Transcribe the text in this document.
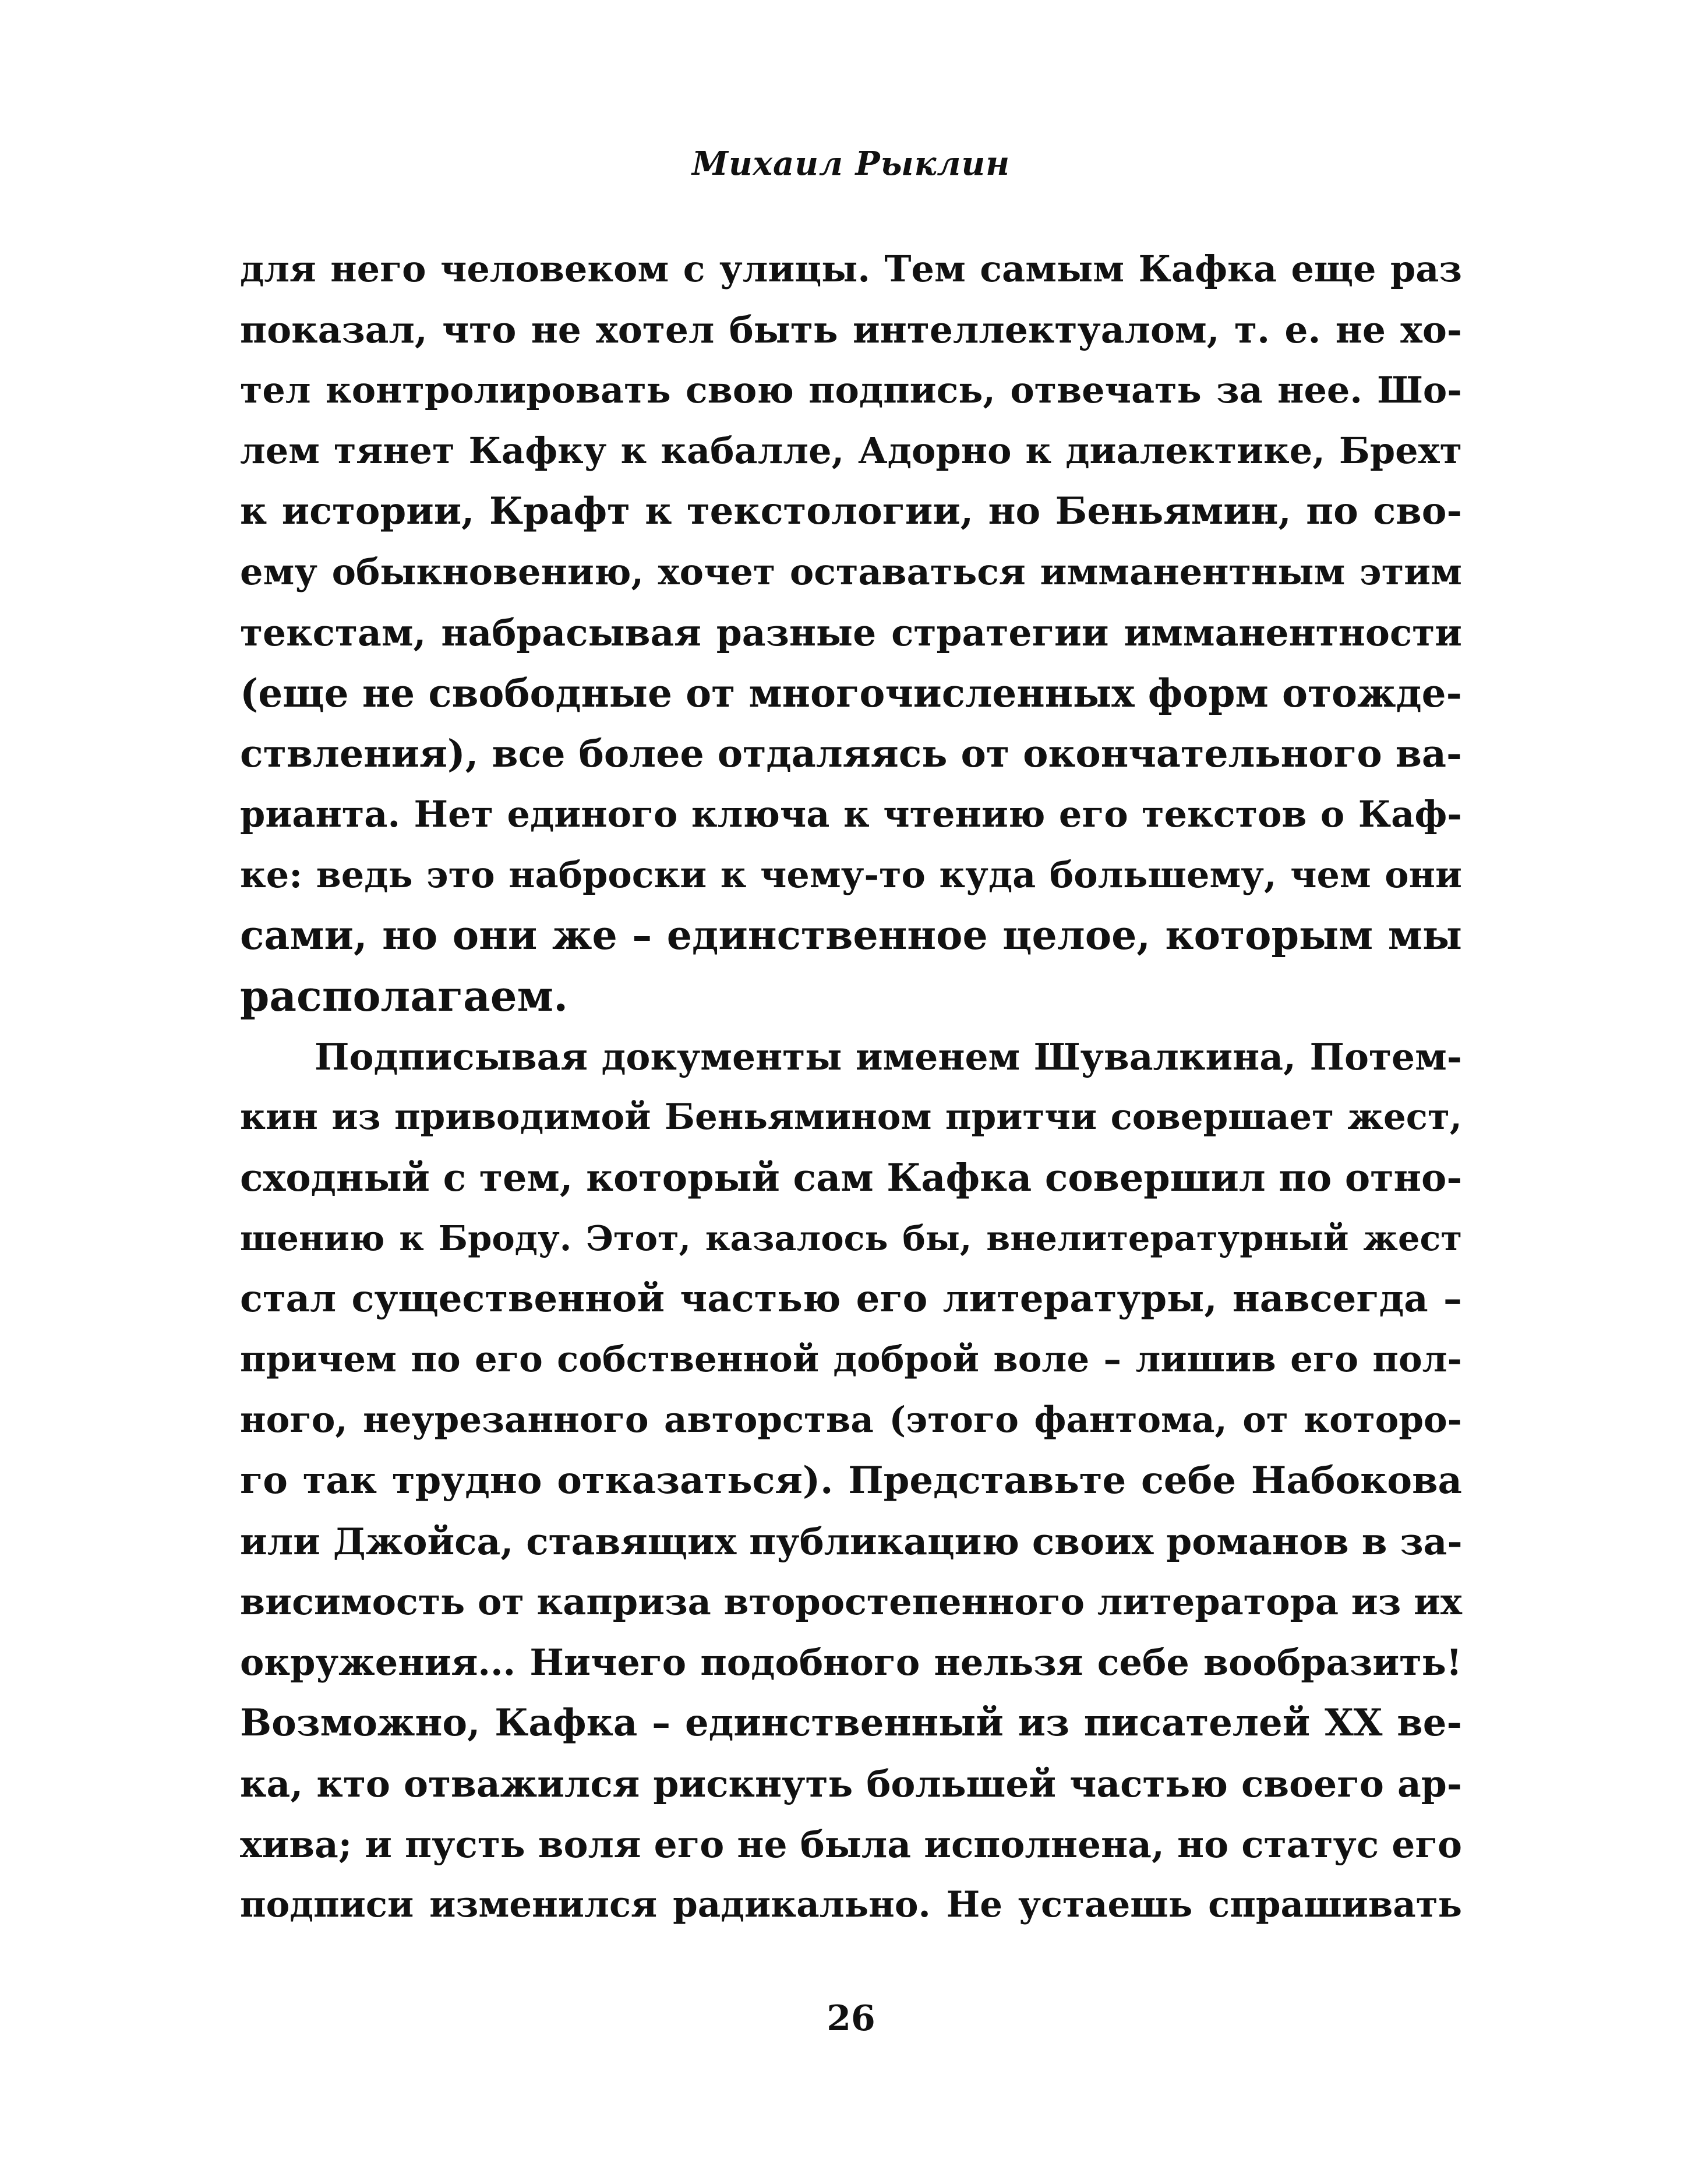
Михаил Рыклин
для него человеком с улицы. Тем самым Кафка еще раз
показал, что не хотел быть интеллектуалом, т. е. не хо-
тел контролировать свою подпись, отвечать за нее. Шо-
лем тянет Кафку к кабалле, Адорно к диалектике, Брехт
к истории, Крафт к текстологии, но Беньямин, по сво-
ему обыкновению, хочет оставаться имманентным этим
текстам, набрасывая разные стратегии имманентности
(еще не свободные от многочисленных форм отожде-
ствления), все более отдаляясь от окончательного ва-
рианта. Нет единого ключа к чтению его текстов о Каф-
ке: ведь это наброски к чему-то куда большему, чем они
сами, но они же – единственное целое, которым мы
располагаем.
Подписывая документы именем Шувалкина, Потем-
кин из приводимой Беньямином притчи совершает жест,
сходный с тем, который сам Кафка совершил по отно-
шению к Броду. Этот, казалось бы, внелитературный жест
стал существенной частью его литературы, навсегда –
причем по его собственной доброй воле – лишив его пол-
ного, неурезанного авторства (этого фантома, от которо-
го так трудно отказаться). Представьте себе Набокова
или Джойса, ставящих публикацию своих романов в за-
висимость от каприза второстепенного литератора из их
окружения... Ничего подобного нельзя себе вообразить!
Возможно, Кафка – единственный из писателей XX ве-
ка, кто отважился рискнуть большей частью своего ар-
хива; и пусть воля его не была исполнена, но статус его
подписи изменился радикально. Не устаешь спрашивать
26
